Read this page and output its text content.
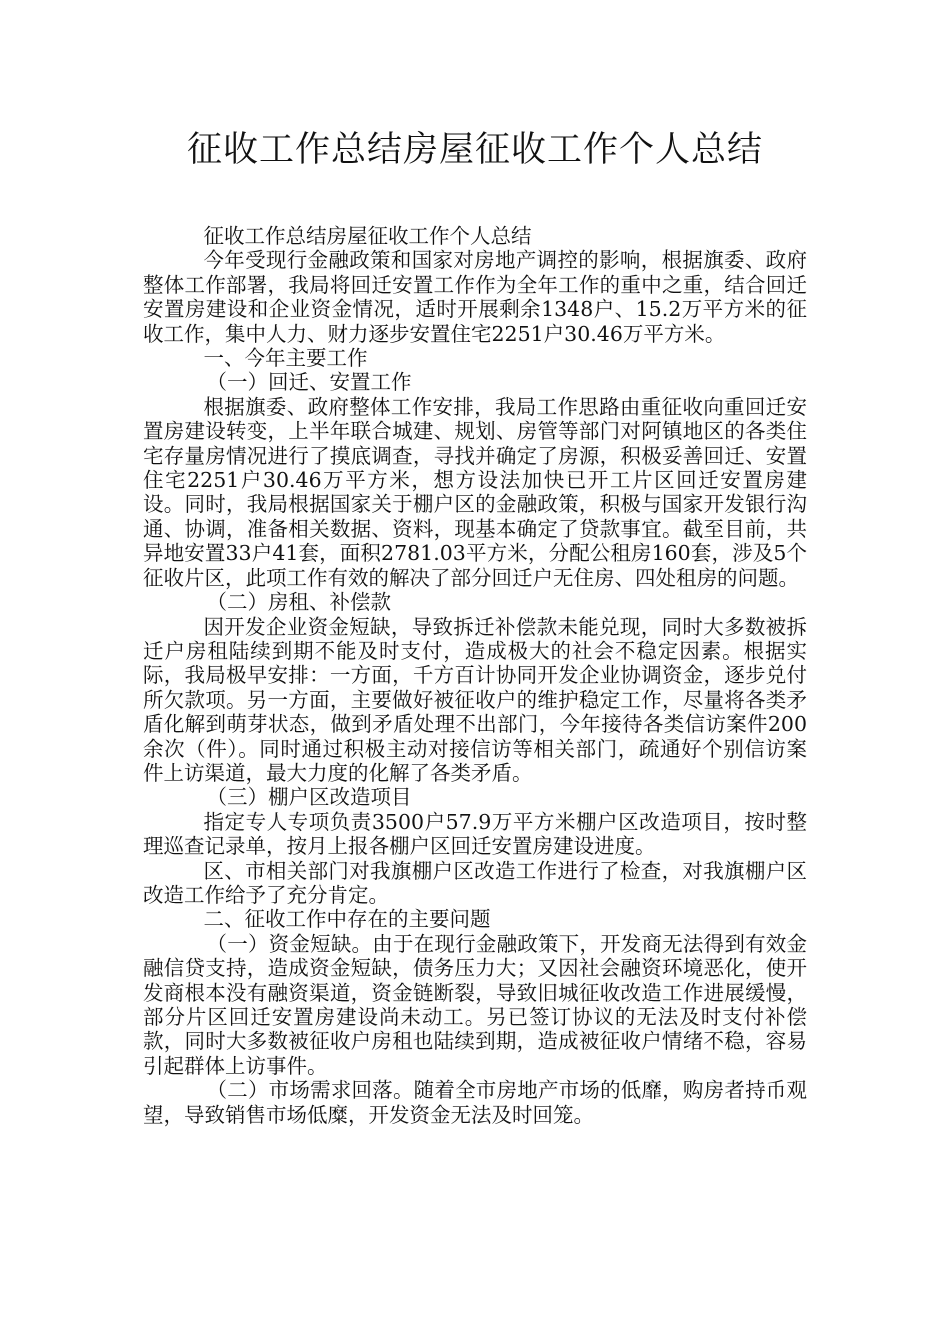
征收工作总结房屋征收工作个人总结

征收工作总结房屋征收工作个人总结

今年受现行金融政策和国家对房地产调控的影响，根据旗委、政府整体工作部署，我局将回迁安置工作作为全年工作的重中之重，结合回迁安置房建设和企业资金情况，适时开展剩余1348户、15.2万平方米的征收工作，集中人力、财力逐步安置住宅2251户30.46万平方米。

一、今年主要工作

（一）回迁、安置工作

根据旗委、政府整体工作安排，我局工作思路由重征收向重回迁安置房建设转变，上半年联合城建、规划、房管等部门对阿镇地区的各类住宅存量房情况进行了摸底调查，寻找并确定了房源，积极妥善回迁、安置住宅2251户30.46万平方米，想方设法加快已开工片区回迁安置房建设。同时，我局根据国家关于棚户区的金融政策，积极与国家开发银行沟通、协调，准备相关数据、资料，现基本确定了贷款事宜。截至目前，共异地安置33户41套，面积2781.03平方米，分配公租房160套，涉及5个征收片区，此项工作有效的解决了部分回迁户无住房、四处租房的问题。

（二）房租、补偿款

因开发企业资金短缺，导致拆迁补偿款未能兑现，同时大多数被拆迁户房租陆续到期不能及时支付，造成极大的社会不稳定因素。根据实际，我局极早安排：一方面，千方百计协同开发企业协调资金，逐步兑付所欠款项。另一方面，主要做好被征收户的维护稳定工作，尽量将各类矛盾化解到萌芽状态，做到矛盾处理不出部门，今年接待各类信访案件200余次（件）。同时通过积极主动对接信访等相关部门，疏通好个别信访案件上访渠道，最大力度的化解了各类矛盾。

（三）棚户区改造项目

指定专人专项负责3500户57.9万平方米棚户区改造项目，按时整理巡查记录单，按月上报各棚户区回迁安置房建设进度。

区、市相关部门对我旗棚户区改造工作进行了检查，对我旗棚户区改造工作给予了充分肯定。

二、征收工作中存在的主要问题

（一）资金短缺。由于在现行金融政策下，开发商无法得到有效金融信贷支持，造成资金短缺，债务压力大；又因社会融资环境恶化，使开发商根本没有融资渠道，资金链断裂，导致旧城征收改造工作进展缓慢，部分片区回迁安置房建设尚未动工。另已签订协议的无法及时支付补偿款，同时大多数被征收户房租也陆续到期，造成被征收户情绪不稳，容易引起群体上访事件。

（二）市场需求回落。随着全市房地产市场的低靡，购房者持币观望，导致销售市场低糜，开发资金无法及时回笼。
